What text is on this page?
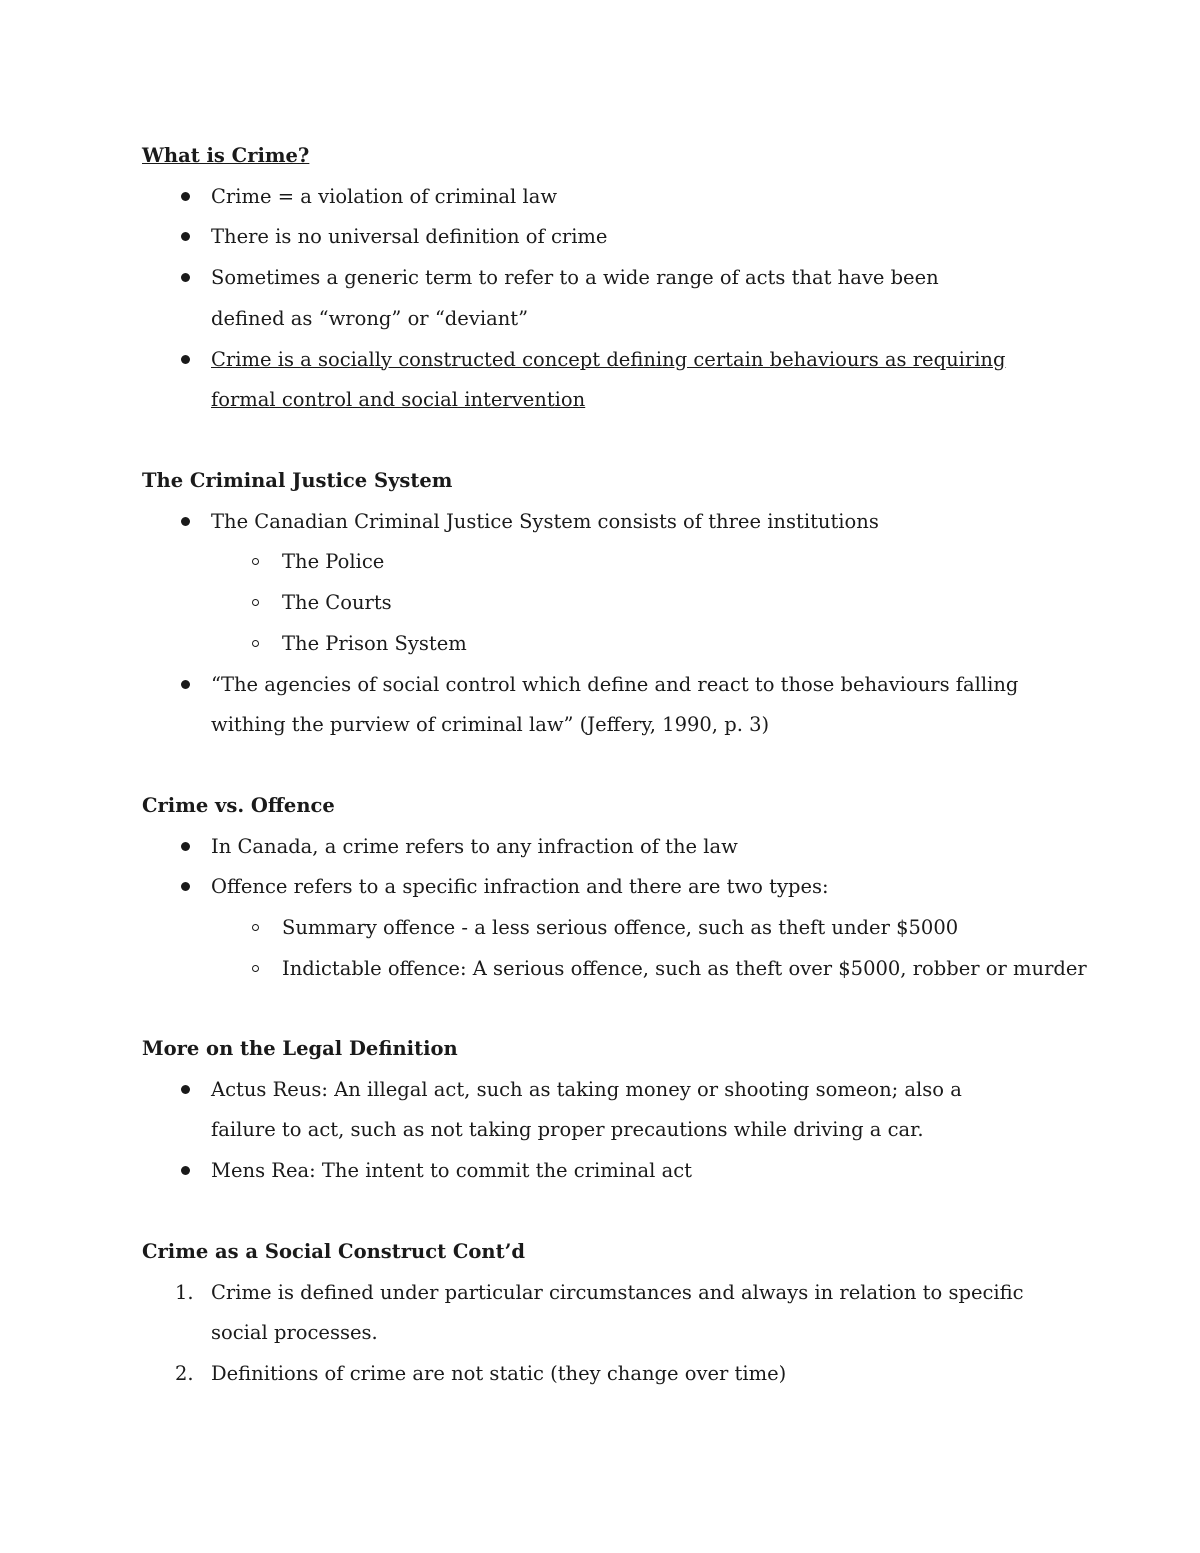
What is Crime?
Crime = a violation of criminal law
There is no universal definition of crime
Sometimes a generic term to refer to a wide range of acts that have been defined as “wrong” or “deviant”
Crime is a socially constructed concept defining certain behaviours as requiring formal control and social intervention
The Criminal Justice System
The Canadian Criminal Justice System consists of three institutions
The Police
The Courts
The Prison System
“The agencies of social control which define and react to those behaviours falling withing the purview of criminal law” (Jeffery, 1990, p. 3)
Crime vs. Offence
In Canada, a crime refers to any infraction of the law
Offence refers to a specific infraction and there are two types:
Summary offence - a less serious offence, such as theft under $5000
Indictable offence: A serious offence, such as theft over $5000, robber or murder
More on the Legal Definition
Actus Reus: An illegal act, such as taking money or shooting someon; also a failure to act, such as not taking proper precautions while driving a car.
Mens Rea: The intent to commit the criminal act
Crime as a Social Construct Cont’d
1. Crime is defined under particular circumstances and always in relation to specific social processes.
2. Definitions of crime are not static (they change over time)
